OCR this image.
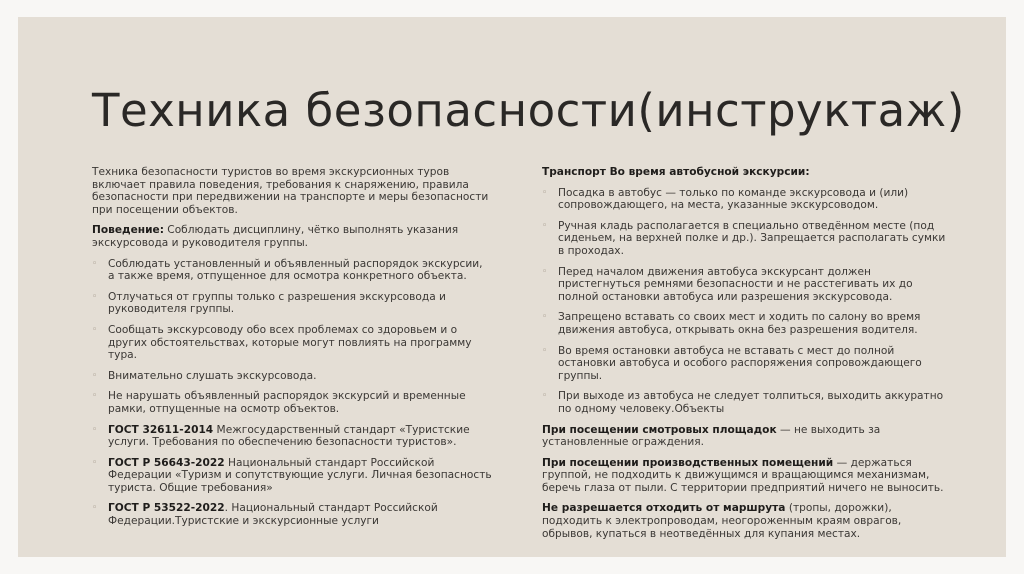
Техника безопасности(инструктаж)

Техника безопасности туристов во время экскурсионных туров включает правила поведения, требования к снаряжению, правила безопасности при передвижении на транспорте и меры безопасности при посещении объектов.

Поведение: Соблюдать дисциплину, чётко выполнять указания экскурсовода и руководителя группы.

◦ Соблюдать установленный и объявленный распорядок экскурсии, а также время, отпущенное для осмотра конкретного объекта.
◦ Отлучаться от группы только с разрешения экскурсовода и руководителя группы.
◦ Сообщать экскурсоводу обо всех проблемах со здоровьем и о других обстоятельствах, которые могут повлиять на программу тура.
◦ Внимательно слушать экскурсовода.
◦ Не нарушать объявленный распорядок экскурсий и временные рамки, отпущенные на осмотр объектов.
◦ ГОСТ 32611-2014 Межгосударственный стандарт «Туристские услуги. Требования по обеспечению безопасности туристов».
◦ ГОСТ Р 56643-2022 Национальный стандарт Российской Федерации «Туризм и сопутствующие услуги. Личная безопасность туриста. Общие требования»
◦ ГОСТ Р 53522-2022. Национальный стандарт Российской Федерации.Туристские и экскурсионные услуги

Транспорт Во время автобусной экскурсии:

◦ Посадка в автобус — только по команде экскурсовода и (или) сопровождающего, на места, указанные экскурсоводом.
◦ Ручная кладь располагается в специально отведённом месте (под сиденьем, на верхней полке и др.). Запрещается располагать сумки в проходах.
◦ Перед началом движения автобуса экскурсант должен пристегнуться ремнями безопасности и не расстегивать их до полной остановки автобуса или разрешения экскурсовода.
◦ Запрещено вставать со своих мест и ходить по салону во время движения автобуса, открывать окна без разрешения водителя.
◦ Во время остановки автобуса не вставать с мест до полной остановки автобуса и особого распоряжения сопровождающего группы.
◦ При выходе из автобуса не следует толпиться, выходить аккуратно по одному человеку.Объекты

При посещении смотровых площадок — не выходить за установленные ограждения.

При посещении производственных помещений — держаться группой, не подходить к движущимся и вращающимся механизмам, беречь глаза от пыли. С территории предприятий ничего не выносить.

Не разрешается отходить от маршрута (тропы, дорожки), подходить к электропроводам, неогороженным краям оврагов, обрывов, купаться в неотведённых для купания местах.
